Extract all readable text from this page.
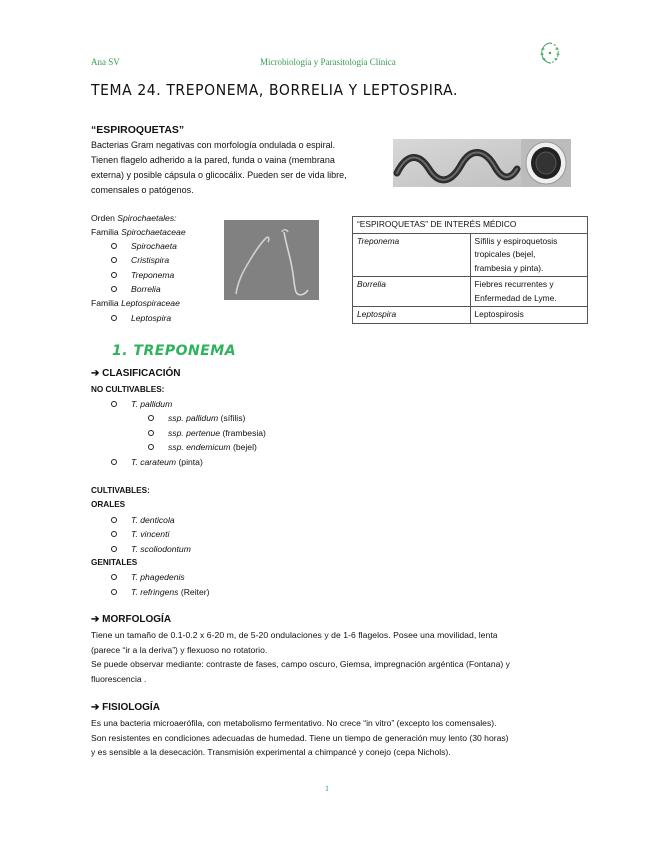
Ana SV	Microbiología y Parasitología Clínica
TEMA 24. TREPONEMA, BORRELIA Y LEPTOSPIRA.
“ESPIROQUETAS”
Bacterias Gram negativas con morfología ondulada o espiral.
Tienen flagelo adherido a la pared, funda o vaina (membrana
externa) y posible cápsula o glicocálix. Pueden ser de vida libre,
comensales o patógenos.
Orden Spirochaetales:
Familia Spirochaetaceae
Spirochaeta
Cristispira
Treponema
Borrelia
Familia Leptospiraceae
Leptospira
“ESPIROQUETAS” DE INTERÉS MÉDICO	
Treponema	Sífilis y espiroquetosis
tropicales (bejel,
frambesia y pinta).

Borrelia	Fiebres recurrentes y
Enfermedad de Lyme.

Leptospira	Leptospirosis
1. TREPONEMA
➔ CLASIFICACIÓN
NO CULTIVABLES:
T. pallidum
ssp. pallidum (sífilis)
ssp. pertenue (frambesia)
ssp. endemicum (bejel)
T. carateum (pinta)
CULTIVABLES:
ORALES
T. denticola
T. vincenti
T. scoliodontum
GENITALES
T. phagedenis
T. refringens (Reiter)
➔ MORFOLOGÍA
Tiene un tamaño de 0.1-0.2 x 6-20 m, de 5-20 ondulaciones y de 1-6 flagelos. Posee una movilidad, lenta
(parece “ir a la deriva”) y flexuoso no rotatorio.
Se puede observar mediante: contraste de fases, campo oscuro, Giemsa, impregnación argéntica (Fontana) y
fluorescencia .
➔ FISIOLOGÍA
Es una bacteria microaerófila, con metabolismo fermentativo. No crece “in vitro” (excepto los comensales).
Son resistentes en condiciones adecuadas de humedad. Tiene un tiempo de generación muy lento (30 horas)
y es sensible a la desecación. Transmisión experimental a chimpancé y conejo (cepa Nichols).
1
